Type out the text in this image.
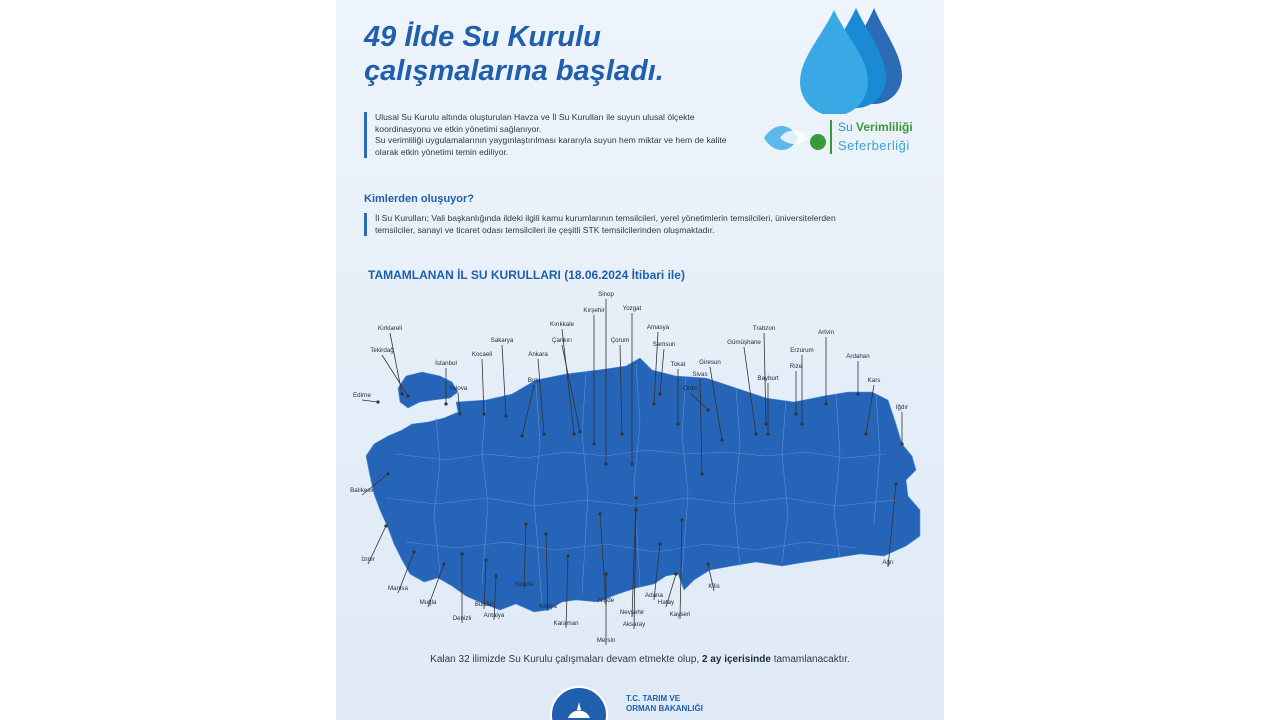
49 İlde Su Kurulu
çalışmalarına başladı.
Su Verimliliği
Seferberliği

Ulusal Su Kurulu altında oluşturulan Havza ve İl Su Kurulları ile suyun ulusal ölçekte koordinasyonu ve etkin yönetimi sağlanıyor.

Su verimliliği uygulamalarının yaygınlaştırılması kararıyla suyun hem miktar ve hem de kalite olarak etkin yönetimi temin ediliyor.

Kimlerden oluşuyor?

İl Su Kurulları; Vali başkanlığında ildeki ilgili kamu kurumlarının temsilcileri, yerel yönetimlerin temsilcileri, üniversitelerden temsilciler, sanayi ve ticaret odası temsilcileri ile çeşitli STK temsilcilerinden oluşmaktadır.

TAMAMLANAN İL SU KURULLARI (18.06.2024 İtibari ile)
Sinop
Kırşehir	Yozgat
Kırklareli	Amasya
Kırıkkale
Trabzon
Artvin
Tekirdağ
Çankırı	Çorum
Samsun	Gümüşhane
Sakarya
Ankara
Erzurum
İstanbul
Kocaeli
Tokat Giresun
Ardahan
Yalova
Rize
Sivas
Bolu
Ordu
Bayburt	Kars
Edirne
Iğdır
Balıkesir
İzmir
Manisa
Muğla
Denizli
Burdur
Isparta
Antalya
Konya
Karaman
Mersin
Niğde
Aksaray
Nevşehir
Adana
Kayseri
Hatay
Kilis
Ağrı
Kalan 32 ilimizde Su Kurulu çalışmaları devam etmekte olup, 2 ay içerisinde tamamlanacaktır.
T.C. TARIM VE
ORMAN BAKANLIĞI
